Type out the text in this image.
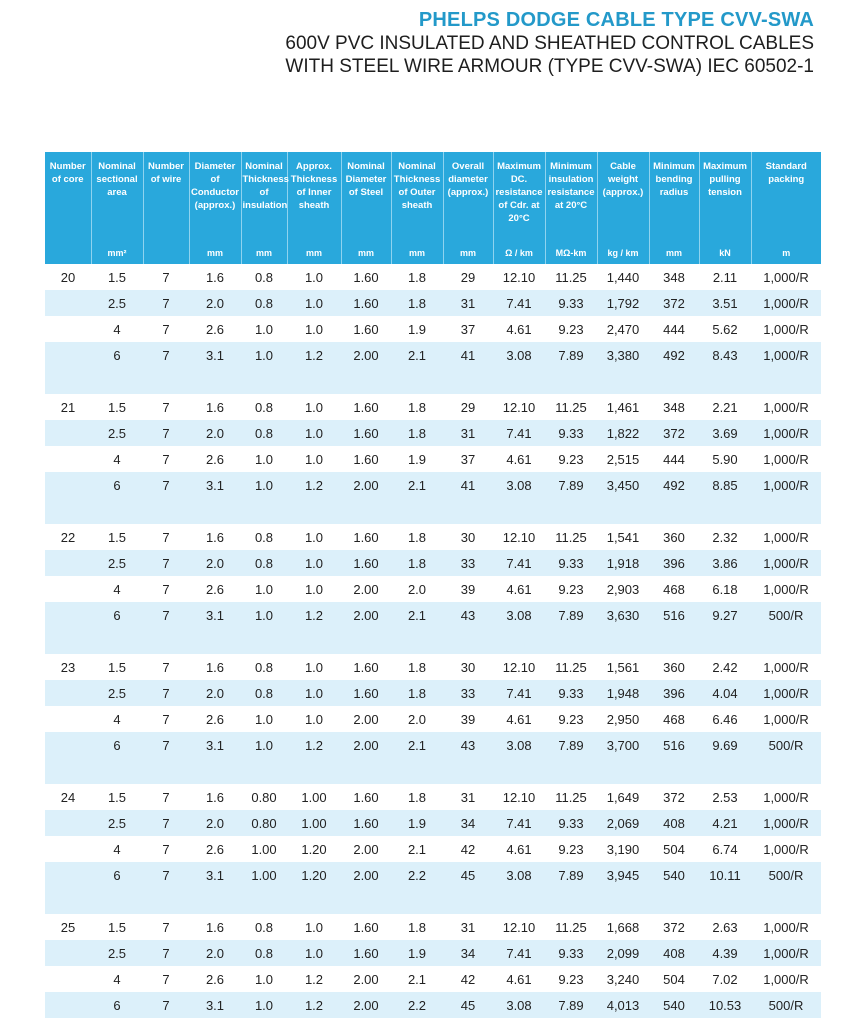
PHELPS DODGE CABLE TYPE CVV-SWA
600V PVC INSULATED AND SHEATHED CONTROL CABLES
WITH STEEL WIRE ARMOUR (TYPE CVV-SWA) IEC 60502-1
Number of core	Nominal sectional area	Number of wire	Diameter of Conductor (approx.)	Nominal Thickness of insulation	Approx. Thickness of Inner sheath	Nominal Diameter of Steel	Nominal Thickness of Outer sheath	Overall diameter (approx.)	Maximum DC. resistance of Cdr. at 20°C	Minimum insulation resistance at 20°C	Cable weight (approx.)	Minimum bending radius	Maximum pulling tension	Standard packing
	mm²		mm	mm	mm	mm	mm	mm	Ω / km	MΩ-km	kg / km	mm	kN	m
20	1.5	7	1.6	0.8	1.0	1.60	1.8	29	12.10	11.25	1,440	348	2.11	1,000/R
	2.5	7	2.0	0.8	1.0	1.60	1.8	31	7.41	9.33	1,792	372	3.51	1,000/R
	4	7	2.6	1.0	1.0	1.60	1.9	37	4.61	9.23	2,470	444	5.62	1,000/R
	6	7	3.1	1.0	1.2	2.00	2.1	41	3.08	7.89	3,380	492	8.43	1,000/R

21	1.5	7	1.6	0.8	1.0	1.60	1.8	29	12.10	11.25	1,461	348	2.21	1,000/R
	2.5	7	2.0	0.8	1.0	1.60	1.8	31	7.41	9.33	1,822	372	3.69	1,000/R
	4	7	2.6	1.0	1.0	1.60	1.9	37	4.61	9.23	2,515	444	5.90	1,000/R
	6	7	3.1	1.0	1.2	2.00	2.1	41	3.08	7.89	3,450	492	8.85	1,000/R

22	1.5	7	1.6	0.8	1.0	1.60	1.8	30	12.10	11.25	1,541	360	2.32	1,000/R
	2.5	7	2.0	0.8	1.0	1.60	1.8	33	7.41	9.33	1,918	396	3.86	1,000/R
	4	7	2.6	1.0	1.0	2.00	2.0	39	4.61	9.23	2,903	468	6.18	1,000/R
	6	7	3.1	1.0	1.2	2.00	2.1	43	3.08	7.89	3,630	516	9.27	500/R

23	1.5	7	1.6	0.8	1.0	1.60	1.8	30	12.10	11.25	1,561	360	2.42	1,000/R
	2.5	7	2.0	0.8	1.0	1.60	1.8	33	7.41	9.33	1,948	396	4.04	1,000/R
	4	7	2.6	1.0	1.0	2.00	2.0	39	4.61	9.23	2,950	468	6.46	1,000/R
	6	7	3.1	1.0	1.2	2.00	2.1	43	3.08	7.89	3,700	516	9.69	500/R

24	1.5	7	1.6	0.80	1.00	1.60	1.8	31	12.10	11.25	1,649	372	2.53	1,000/R
	2.5	7	2.0	0.80	1.00	1.60	1.9	34	7.41	9.33	2,069	408	4.21	1,000/R
	4	7	2.6	1.00	1.20	2.00	2.1	42	4.61	9.23	3,190	504	6.74	1,000/R
	6	7	3.1	1.00	1.20	2.00	2.2	45	3.08	7.89	3,945	540	10.11	500/R

25	1.5	7	1.6	0.8	1.0	1.60	1.8	31	12.10	11.25	1,668	372	2.63	1,000/R
	2.5	7	2.0	0.8	1.0	1.60	1.9	34	7.41	9.33	2,099	408	4.39	1,000/R
	4	7	2.6	1.0	1.2	2.00	2.1	42	4.61	9.23	3,240	504	7.02	1,000/R
	6	7	3.1	1.0	1.2	2.00	2.2	45	3.08	7.89	4,013	540	10.53	500/R
